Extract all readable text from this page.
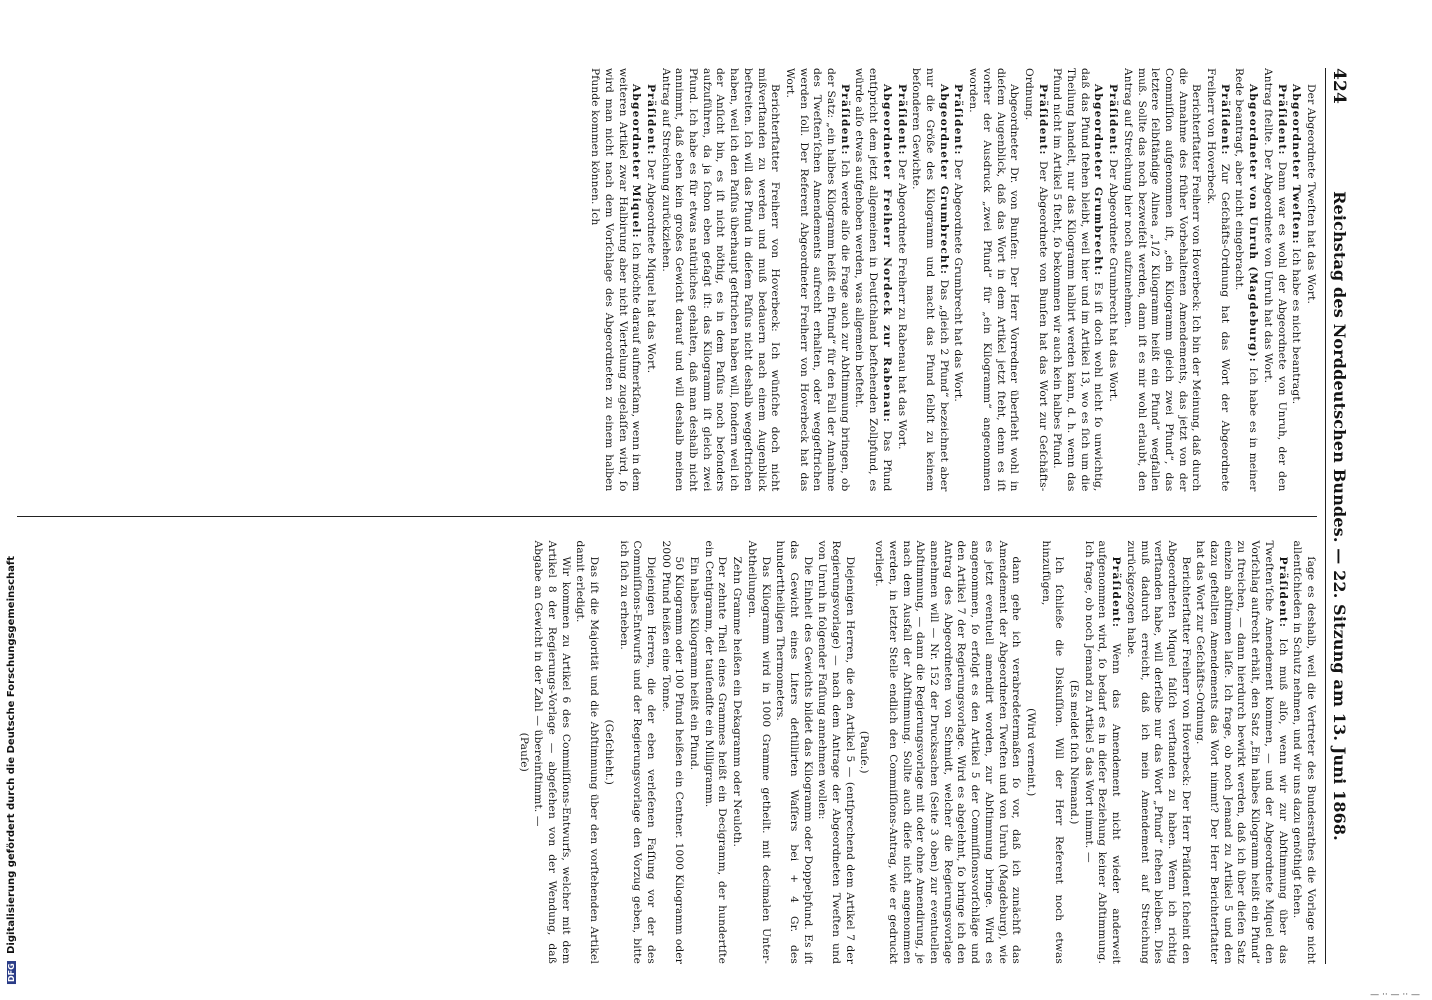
424
Reichstag des Norddeutschen Bundes. — 22. Sitzung am 13. Juni 1868.

Der Abgeordnete Tweſten hat das Wort.

Abgeordneter Tweſten: Ich habe es nicht beantragt.

Präſident: Dann war es wohl der Abgeordnete von Unruh, der den Antrag ſtellte. Der Abgeordnete von Unruh hat das Wort.

Abgeordneter von Unruh (Magdeburg): Ich habe es in meiner Rede beantragt, aber nicht eingebracht.

Präſident: Zur Geſchäfts-Ordnung hat das Wort der Abgeordnete Freiherr von Hoverbeck.

Berichterſtatter Freiherr von Hoverbeck: Ich bin der Meinung, daß durch die Annahme des früher Vorbehaltenen Amendements, das jetzt von der Commiſſion aufgenommen iſt, „ein Kilogramm gleich zwei Pfund“, das letztere ſelbſtändige Alinea „1/2 Kilogramm heißt ein Pfund“ wegfallen muß. Sollte das noch bezweifelt werden, dann iſt es mir wohl erlaubt, den Antrag auf Streichung hier noch aufzunehmen.

Präſident: Der Abgeordnete Grumbrecht hat das Wort.

Abgeordneter Grumbrecht: Es iſt doch wohl nicht ſo unwichtig, daß das Pfund ſtehen bleibt, weil hier und im Artikel 13, wo es ſich um die Theilung handelt, nur das Kilogramm halbirt werden kann, d. h. wenn das Pfund nicht im Artikel 5 ſteht, ſo bekommen wir auch kein halbes Pfund.

Präſident: Der Abgeordnete von Bunſen hat das Wort zur Geſchäfts-Ordnung.

Abgeordneter Dr. von Bunſen: Der Herr Vorredner überſieht wohl in dieſem Augenblick, daß das Wort in dem Artikel jetzt ſteht, denn es iſt vorher der Ausdruck „zwei Pfund“ für „ein Kilogramm“ angenommen worden.

Präſident: Der Abgeordnete Grumbrecht hat das Wort.

Abgeordneter Grumbrecht: Das „gleich 2 Pfund“ bezeichnet aber nur die Größe des Kilogramm und macht das Pfund ſelbſt zu keinem beſonderen Gewichte.

Präſident: Der Abgeordnete Freiherr zu Rabenau hat das Wort.

Abgeordneter Freiherr Nordeck zur Rabenau: Das Pfund entſpricht dem jetzt allgemeinen in Deutſchland beſtehenden Zollpfund, es würde alſo etwas aufgehoben werden, was allgemein beſteht.

Präſident: Ich werde alſo die Frage auch zur Abſtimmung bringen, ob der Satz: „ein halbes Kilogramm heißt ein Pfund“ für den Fall der Annahme des Tweſten'ſchen Amendements aufrecht erhalten, oder weggeſtrichen werden ſoll. Der Referent Abgeordneter Freiherr von Hoverbeck hat das Wort.

Berichterſtatter Freiherr von Hoverbeck: Ich wünſche doch nicht mißverſtanden zu werden und muß bedauern nach einem Augenblick beſtreiten. Ich will das Pfund in dieſem Paſſus nicht deshalb weggeſtrichen haben, weil ich den Paſſus überhaupt geſtrichen haben will, ſondern weil ich der Anſicht bin, es iſt nicht nöthig, es in dem Paſſus noch beſonders aufzuführen, da ja ſchon eben geſagt iſt: das Kilogramm iſt gleich zwei Pfund. Ich habe es für etwas natürliches gehalten, daß man deshalb nicht annimmt, daß eben kein großes Gewicht darauf und will deshalb meinen Antrag auf Streichung zurückziehen.

Präſident: Der Abgeordnete Miquel hat das Wort.

Abgeordneter Miquel: Ich möchte darauf aufmerkſam, wenn in dem weiteren Artikel zwar Halbirung aber nicht Viertelung zugelaſſen wird, ſo wird man nicht nach dem Vorſchlage des Abgeordneten zu einem halben Pfunde kommen können. Ich

ſage es deshalb, weil die Vertreter des Bundesrathes die Vorlage nicht allentſchieden in Schutz nehmen, und wir uns dazu genöthigt ſehen.

Präſident: Ich muß alſo, wenn wir zur Abſtimmung über das Tweſten'ſche Amendement kommen, — und der Abgeordnete Miquel den Vorſchlag aufrecht erhält, den Satz „Ein halbes Kilogramm heißt ein Pfund“ zu ſtreichen, — dann hierdurch bewirkt werden, daß ich über dieſen Satz einzeln abſtimmen laſſe. Ich frage, ob noch Jemand zu Artikel 5 und den dazu geſtellten Amendements das Wort nimmt? Der Herr Berichterſtatter hat das Wort zur Geſchäfts-Ordnung.

Berichterſtatter Freiherr von Hoverbeck: Der Herr Präſident ſcheint den Abgeordneten Miquel falſch verſtanden zu haben. Wenn ich richtig verſtanden habe, will derſelbe nur das Wort „Pfund“ ſtehen bleiben. Dies muß dadurch erreicht, daß ich mein Amendement auf Streichung zurückgezogen habe.

Präſident: Wenn das Amendement nicht wieder anderweit aufgenommen wird, ſo bedarf es in dieſer Beziehung keiner Abſtimmung. Ich frage, ob noch Jemand zu Artikel 5 das Wort nimmt. —

(Es meldet ſich Niemand.)

Ich ſchließe die Diskuſſion. Will der Herr Referent noch etwas hinzufügen,

(Wird verneint.)

dann gehe ich verabredetermaßen ſo vor, daß ich zunächſt das Amendement der Abgeordneten Tweſten und von Unruh (Magdeburg), wie es jetzt eventuell amendirt worden, zur Abſtimmung bringe. Wird es angenommen, ſo erfolgt es den Artikel 5 der Commiſſionsvorſchläge und den Artikel 7 der Regierungsvorlage. Wird es abgelehnt, ſo bringe ich den Antrag des Abgeordneten von Schmidt, welcher die Regierungsvorlage annehmen will — Nr. 152 der Drucksachen (Seite 3 oben) zur eventuellen Abſtimmung, — dann die Regierungsvorlage mit oder ohne Amendirung, je nach dem Ausfall der Abſtimmung. Sollte auch dieſe nicht angenommen werden, in letzter Stelle endlich den Commiſſions-Antrag, wie er gedruckt vorliegt.

(Pauſe.)

Diejenigen Herren, die den Artikel 5 — (entſprechend dem Artikel 7 der Regierungsvorlage) — nach dem Antrage der Abgeordneten Tweſten und von Unruh in folgender Faſſung annehmen wollen:

Die Einheit des Gewichts bildet das Kilogramm oder Doppelpfund. Es iſt das Gewicht eines Liters deſtillirten Waſſers bei + 4 Gr. des hunderttheiligen Thermometers.

Das Kilogramm wird in 1000 Gramme getheilt. mit decimalen Unter-Abtheilungen.

Zehn Gramme heißen ein Dekagramm oder Neuloth.

Der zehnte Theil eines Grammes heißt ein Decigramm, der hundertſte ein Centigramm, der tauſendſte ein Milligramm.

Ein halbes Kilogramm heißt ein Pfund.

50 Kilogramm oder 100 Pfund heißen ein Centner. 1000 Kilogramm oder 2000 Pfund heißen eine Tonne.

Diejenigen Herren, die der eben verleſenen Faſſung vor der des Commiſſions-Entwurfs und der Regierungsvorlage den Vorzug geben, bitte ich ſich zu erheben.

(Geſchieht.)

Das iſt die Majorität und die Abſtimmung über den vorſtehenden Artikel damit erledigt.

Wir kommen zu Artikel 6 des Commiſſions-Entwurfs, welcher mit dem Artikel 8 der Regierungs-Vorlage — abgeſehen von der Wendung, daß Abgabe an Gewicht in der Zahl — übereinſtimmt. —

(Pauſe)

DFG Digitalisierung gefördert durch die Deutsche Forschungsgemeinschaft
— ·· — ·· —
